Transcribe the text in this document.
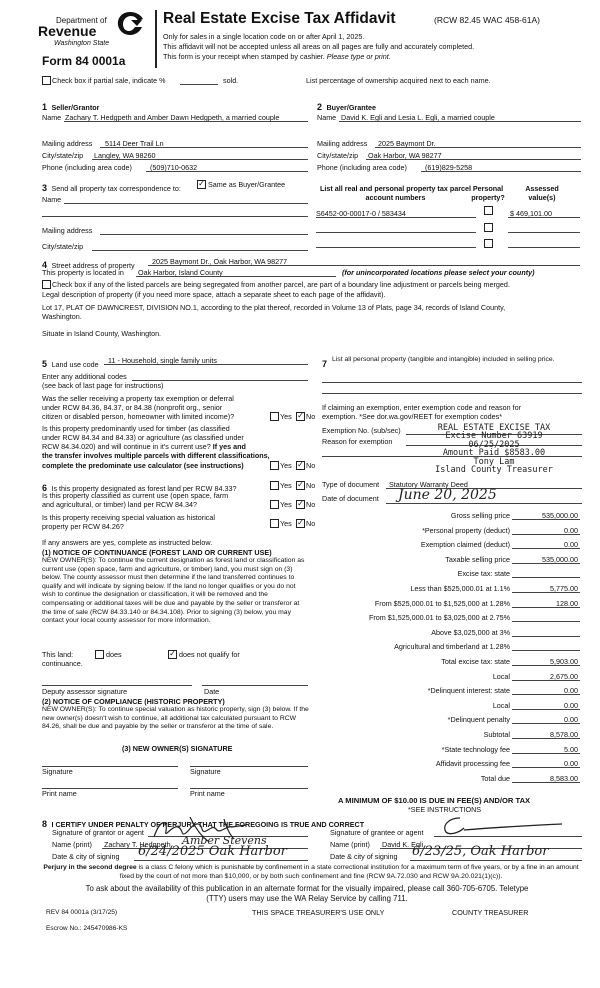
Department of
Revenue
Washington State
Form 84 0001a
Real Estate Excise Tax Affidavit	(RCW 82.45 WAC 458-61A)
Only for sales in a single location code on or after April 1, 2025.
This affidavit will not be accepted unless all areas on all pages are fully and accurately completed.
This form is your receipt when stamped by cashier. Please type or print.
Check box if partial sale, indicate %	sold.	List percentage of ownership acquired next to each name.
1 Seller/Grantor
Name Zachary T. Hedgpeth and Amber Dawn Hedgpeth, a married couple
Mailing address 5114 Deer Trail Ln
City/state/zip Langley, WA 98260
Phone (including area code)	(509)710-0632
2 Buyer/Grantee
Name David K. Egli and Lesia L. Egli, a married couple
Mailing address 2025 Baymont Dr.
City/state/zip Oak Harbor, WA 98277
Phone (including area code)	(619)829-5258
3 Send all property tax correspondence to:
✓ Same as Buyer/Grantee
Name
Mailing address
City/state/zip
List all real and personal property tax parcel account numbers
Personal property?
Assessed value(s)
S6452-00-00017-0 / 583434	$ 469,101.00
4 Street address of property 2025 Baymont Dr., Oak Harbor, WA 98277
This property is located in Oak Harbor, Island County	(for unincorporated locations please select your county)
Check box if any of the listed parcels are being segregated from another parcel, are part of a boundary line adjustment or parcels being merged.
Legal description of property (if you need more space, attach a separate sheet to each page of the affidavit).
Lot 17, PLAT OF DAWNCREST, DIVISION NO.1, according to the plat thereof, recorded in Volume 13 of Plats, page 34, records of Island County,
Washington.
Situate in Island County, Washington.
5 Land use code 11 - Household, single family units
Enter any additional codes
(see back of last page for instructions)
Was the seller receiving a property tax exemption or deferral
under RCW 84.36, 84.37, or 84.38 (nonprofit org., senior
citizen or disabled person, homeowner with limited income)?	Yes ✓ No
Is this property predominantly used for timber (as classified
under RCW 84.34 and 84.33) or agriculture (as classified under
RCW 84.34.020) and will continue in it's current use? If yes and
the transfer involves multiple parcels with different classifications,
complete the predominate use calculator (see instructions)	Yes ✓ No
7 List all personal property (tangible and intangible) included in selling price.
If claiming an exemption, enter exemption code and reason for
exemption. *See dor.wa.gov/REET for exemption codes*
Exemption No. (sub/sec)
Reason for exemption
REAL ESTATE EXCISE TAX
Excise Number 63919
06/25/2025
Amount Paid $8583.00
Tony Lam
Island County Treasurer
Type of document Statutory Warranty Deed
Date of document June 20, 2025
6 Is this property designated as forest land per RCW 84.33?	Yes ✓ No
Is this property classified as current use (open space, farm
and agricultural, or timber) land per RCW 84.34?	Yes ✓ No
Is this property receiving special valuation as historical
property per RCW 84.26?	Yes ✓ No
If any answers are yes, complete as instructed below.
(1) NOTICE OF CONTINUANCE (FOREST LAND OR CURRENT USE)
NEW OWNER(S): To continue the current designation as forest land or classification as current use (open space, farm and agriculture, or timber) land, you must sign on (3) below. The county assessor must then determine if the land transferred continues to qualify and will indicate by signing below. If the land no longer qualifies or you do not wish to continue the designation or classification, it will be removed and the compensating or additional taxes will be due and payable by the seller or transferor at the time of sale (RCW 84.33.140 or 84.34.108). Prior to signing (3) below, you may contact your local county assessor for more information.
This land:	does	✓ does not qualify for
continuance.
Deputy assessor signature	Date
(2) NOTICE OF COMPLIANCE (HISTORIC PROPERTY)
NEW OWNER(S): To continue special valuation as historic property, sign (3) below. If the new owner(s) doesn't wish to continue, all additional tax calculated pursuant to RCW 84.26, shall be due and payable by the seller or transferor at the time of sale.
(3) NEW OWNER(S) SIGNATURE
Signature	Signature
Print name	Print name
Gross selling price	535,000.00
*Personal property (deduct)	0.00
Exemption claimed (deduct)	0.00
Taxable selling price	535,000.00
Excise tax: state
Less than $525,000.01 at 1.1%	5,775.00
From $525,000.01 to $1,525,000 at 1.28%	128.00
From $1,525,000.01 to $3,025,000 at 2.75%
Above $3,025,000 at 3%
Agricultural and timberland at 1.28%
Total excise tax: state	5,903.00
Local	2,675.00
*Delinquent interest: state	0.00
Local	0.00
*Delinquent penalty	0.00
Subtotal	8,578.00
*State technology fee	5.00
Affidavit processing fee	0.00
Total due	8,583.00
A MINIMUM OF $10.00 IS DUE IN FEE(S) AND/OR TAX
*SEE INSTRUCTIONS
8 I CERTIFY UNDER PENALTY OF PERJURY THAT THE FOREGOING IS TRUE AND CORRECT
Signature of grantor or agent
Name (print) Zachary T. Hedgpeth Amber Stevens
Date & city of signing 6/24/2025 Oak Harbor
Signature of grantee or agent
Name (print) David K. Egli
Date & city of signing 6/23/25, Oak Harbor
Perjury in the second degree is a class C felony which is punishable by confinement in a state correctional institution for a maximum term of five years, or by a fine in an amount fixed by the court of not more than $10,000, or by both such confinement and fine (RCW 9A.72.030 and RCW 9A.20.021(1)(c)).
To ask about the availability of this publication in an alternate format for the visually impaired, please call 360-705-6705. Teletype
(TTY) users may use the WA Relay Service by calling 711.
REV 84 0001a (3/17/25)	THIS SPACE TREASURER'S USE ONLY	COUNTY TREASURER
Escrow No.: 245470986-KS
